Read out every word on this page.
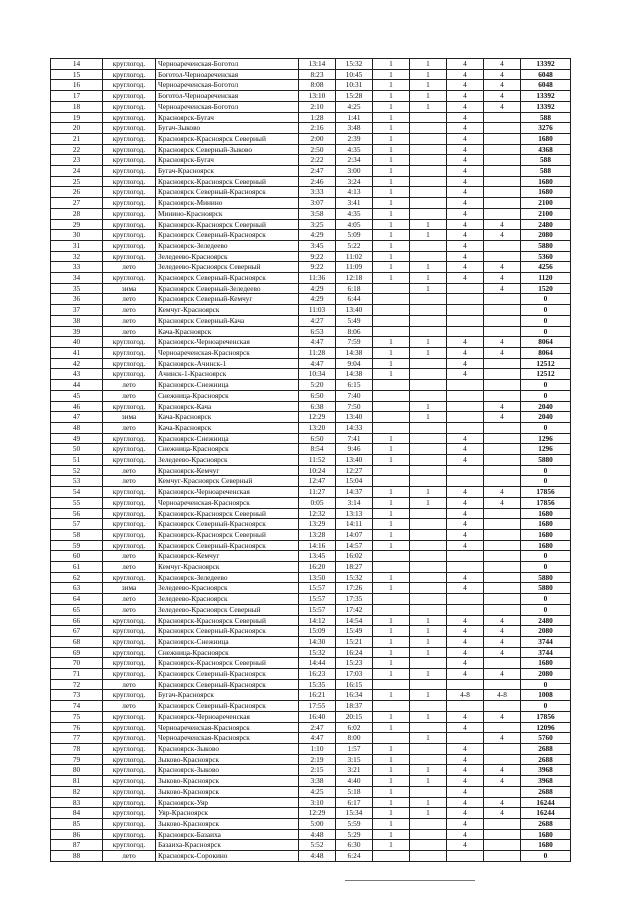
14	круглогод.	Черноареченская-Боготол	13:14	15:32	1	1	4	4	13392
15	круглогод.	Боготол-Черноареченская	8:23	10:45	1	1	4	4	6048
16	круглогод.	Черноареченская-Боготол	8:08	10:31	1	1	4	4	6048
17	круглогод.	Боготол-Черноареченская	13:10	15:28	1	1	4	4	13392
18	круглогод.	Черноареченская-Боготол	2:10	4:25	1	1	4	4	13392
19	круглогод.	Красноярск-Бугач	1:28	1:41	1		4		588
20	круглогод.	Бугач-Зыково	2:16	3:48	1		4		3276
21	круглогод.	Красноярск-Красноярск Северный	2:00	2:39	1		4		1680
22	круглогод.	Красноярск Северный-Зыково	2:50	4:35	1		4		4368
23	круглогод.	Красноярск-Бугач	2:22	2:34	1		4		588
24	круглогод.	Бугач-Красноярск	2:47	3:00	1		4		588
25	круглогод.	Красноярск-Красноярск Северный	2:46	3:24	1		4		1680
26	круглогод.	Красноярск Северный-Красноярск	3:33	4:13	1		4		1680
27	круглогод.	Красноярск-Минино	3:07	3:41	1		4		2100
28	круглогод.	Минино-Красноярск	3:58	4:35	1		4		2100
29	круглогод.	Красноярск-Красноярск Северный	3:25	4:05	1	1	4	4	2480
30	круглогод.	Красноярск Северный-Красноярск	4:29	5:09	1	1	4	4	2080
31	круглогод.	Красноярск-Зеледеево	3:45	5:22	1		4		5880
32	круглогод.	Зеледеево-Красноярск	9:22	11:02	1		4		5360
33	лето	Зеледеево-Красноярск Северный	9:22	11:09	1	1	4	4	4256
34	круглогод.	Красноярск Северный-Красноярск	11:36	12:18	1	1	4	4	1120
35	зима	Красноярск Северный-Зеледеево	4:29	6:18		1		4	1520
36	лето	Красноярск Северный-Кемчуг	4:29	6:44					0
37	лето	Кемчуг-Красноярск	11:03	13:40					0
38	лето	Красноярск Северный-Кача	4:27	5:49					0
39	лето	Кача-Красноярск	6:53	8:06					0
40	круглогод.	Красноярск-Черноареченская	4:47	7:59	1	1	4	4	8064
41	круглогод.	Черноареченская-Красноярск	11:28	14:38	1	1	4	4	8064
42	круглогод.	Красноярск-Ачинск-1	4:47	9:04	1		4		12512
43	круглогод.	Ачинск-1-Красноярск	10:34	14:38	1		4		12512
44	лето	Красноярск-Снежница	5:20	6:15					0
45	лето	Снежница-Красноярск	6:50	7:40					0
46	круглогод.	Красноярск-Кача	6:38	7:50		1		4	2040
47	зима	Кача-Красноярск	12:29	13:40		1		4	2040
48	лето	Кача-Красноярск	13:20	14:33					0
49	круглогод.	Красноярск-Снежница	6:50	7:41	1		4		1296
50	круглогод.	Снежница-Красноярск	8:54	9:46	1		4		1296
51	круглогод.	Зеледеево-Красноярск	11:52	13:40	1		4		5880
52	лето	Красноярск-Кемчуг	10:24	12:27					0
53	лето	Кемчуг-Красноярск Северный	12:47	15:04					0
54	круглогод.	Красноярск-Черноареченская	11:27	14:37	1	1	4	4	17856
55	круглогод.	Черноареченская-Красноярск	0:05	3:14	1	1	4	4	17856
56	круглогод.	Красноярск-Красноярск Северный	12:32	13:13	1		4		1680
57	круглогод.	Красноярск Северный-Красноярск	13:29	14:11	1		4		1680
58	круглогод.	Красноярск-Красноярск Северный	13:28	14:07	1		4		1680
59	круглогод.	Красноярск Северный-Красноярск	14:16	14:57	1		4		1680
60	лето	Красноярск-Кемчуг	13:45	16:02					0
61	лето	Кемчуг-Красноярск	16:20	18:27					0
62	круглогод.	Красноярск-Зеледеево	13:50	15:32	1		4		5880
63	зима	Зеледеево-Красноярск	15:57	17:26	1		4		5880
64	лето	Зеледеево-Красноярск	15:57	17:35					0
65	лето	Зеледеево-Красноярск Северный	15:57	17:42					0
66	круглогод.	Красноярск-Красноярск Северный	14:12	14:54	1	1	4	4	2480
67	круглогод.	Красноярск Северный-Красноярск	15:09	15:49	1	1	4	4	2080
68	круглогод.	Красноярск-Снежница	14:30	15:21	1	1	4	4	3744
69	круглогод.	Снежница-Красноярск	15:32	16:24	1	1	4	4	3744
70	круглогод.	Красноярск-Красноярск Северный	14:44	15:23	1		4		1680
71	круглогод.	Красноярск Северный-Красноярск	16:23	17:03	1	1	4	4	2080
72	лето	Красноярск Северный-Красноярск	15:35	16:15					0
73	круглогод.	Бугач-Красноярск	16:21	16:34	1	1	4-8	4-8	1008
74	лето	Красноярск Северный-Красноярск	17:55	18:37					0
75	круглогод.	Красноярск-Черноареченская	16:40	20:15	1	1	4	4	17856
76	круглогод.	Черноареченская-Красноярск	2:47	6:02	1		4		12096
77	круглогод.	Черноареченская-Красноярск	4:47	8:00		1		4	5760
78	круглогод.	Красноярск-Зыково	1:10	1:57	1		4		2688
79	круглогод.	Зыково-Красноярск	2:19	3:15	1		4		2688
80	круглогод.	Красноярск-Зыково	2:15	3:21	1	1	4	4	3968
81	круглогод.	Зыково-Красноярск	3:38	4:40	1	1	4	4	3968
82	круглогод.	Зыково-Красноярск	4:25	5:18	1		4		2688
83	круглогод.	Красноярск-Уяр	3:10	6:17	1	1	4	4	16244
84	круглогод.	Уяр-Красноярск	12:29	15:34	1	1	4	4	16244
85	круглогод.	Зыково-Красноярск	5:00	5:59	1		4		2688
86	круглогод.	Красноярск-Базаиха	4:48	5:29	1		4		1680
87	круглогод.	Базаиха-Красноярск	5:52	6:30	1		4		1680
88	лето	Красноярск-Сорокино	4:48	6:24					0
